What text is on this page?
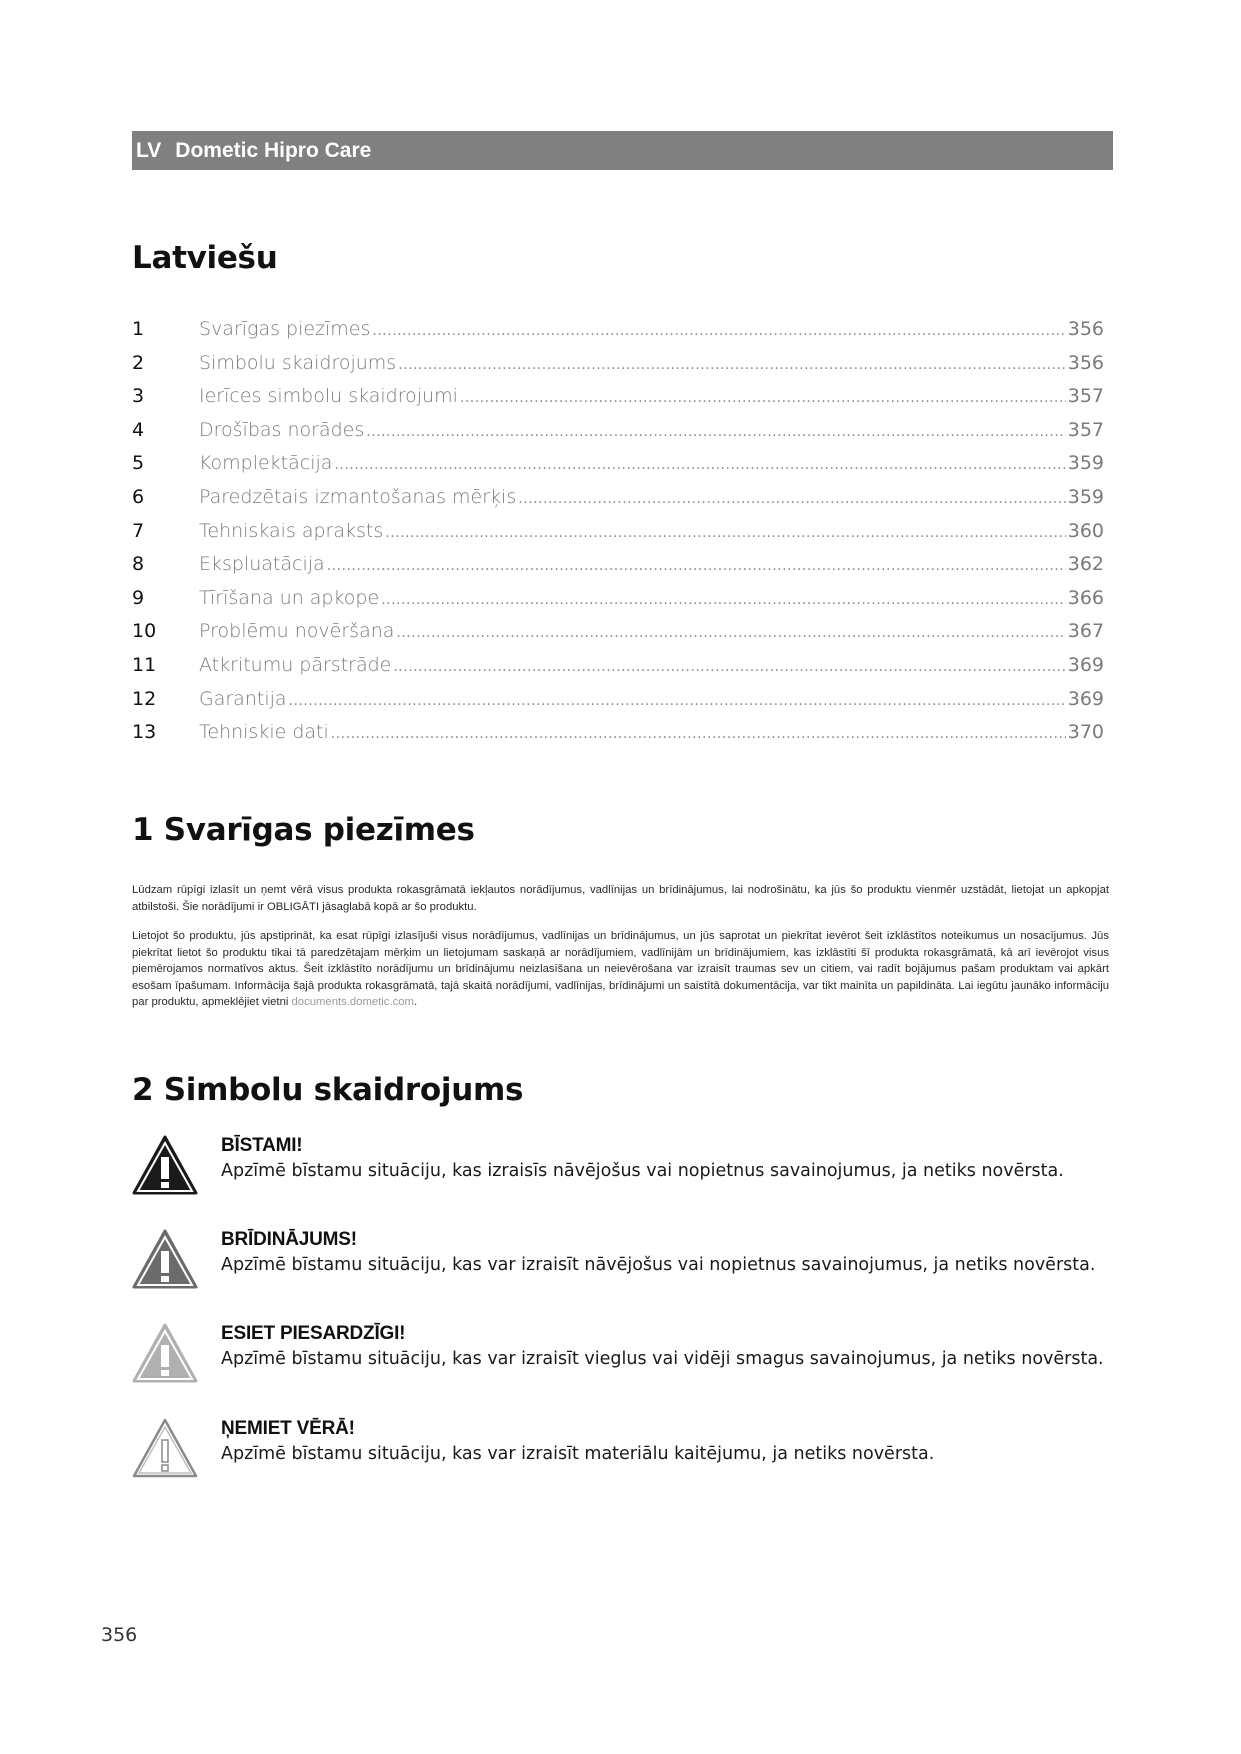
LV Dometic Hipro Care
Latviešu
1	Svarīgas piezīmes .....	356
2	Simbolu skaidrojums .....	356
3	Ierīces simbolu skaidrojumi .....	357
4	Drošības norādes .....	357
5	Komplektācija .....	359
6	Paredzētais izmantošanas mērķis .....	359
7	Tehniskais apraksts .....	360
8	Ekspluatācija .....	362
9	Tīrīšana un apkope .....	366
10	Problēmu novēršana .....	367
11	Atkritumu pārstrāde .....	369
12	Garantija .....	369
13	Tehniskie dati .....	370
1 Svarīgas piezīmes

Lūdzam rūpīgi izlasīt un ņemt vērā visus produkta rokasgrāmatā iekļautos norādījumus, vadlīnijas un brīdinājumus, lai nodrošinātu, ka jūs šo produktu vienmēr uzstādāt, lietojat un apkopjat atbilstoši. Šie norādījumi ir OBLIGĀTI jāsaglabā kopā ar šo produktu.

Lietojot šo produktu, jūs apstiprināt, ka esat rūpīgi izlasījuši visus norādījumus, vadlīnijas un brīdinājumus, un jūs saprotat un piekrītat ievērot šeit izklāstītos noteikumus un nosacījumus. Jūs piekrītat lietot šo produktu tikai tā paredzētajam mērķim un lietojumam saskaņā ar norādījumiem, vadlīnijām un brīdinājumiem, kas izklāstīti šī produkta rokasgrāmatā, kā arī ievērojot visus piemērojamos normatīvos aktus. Šeit izklāstīto norādījumu un brīdinājumu neizlasīšana un neievērošana var izraisīt traumas sev un citiem, vai radīt bojājumus pašam produktam vai apkārt esošam īpašumam. Informācija šajā produkta rokasgrāmatā, tajā skaitā norādījumi, vadlīnijas, brīdinājumi un saistītā dokumentācija, var tikt mainīta un papildināta. Lai iegūtu jaunāko informāciju par produktu, apmeklējiet vietni documents.dometic.com.

2 Simbolu skaidrojums
BĪSTAMI!
Apzīmē bīstamu situāciju, kas izraisīs nāvējošus vai nopietnus savainojumus, ja netiks novērsta.
BRĪDINĀJUMS!
Apzīmē bīstamu situāciju, kas var izraisīt nāvējošus vai nopietnus savainojumus, ja netiks novērsta.
ESIET PIESARDZĪGI!
Apzīmē bīstamu situāciju, kas var izraisīt vieglus vai vidēji smagus savainojumus, ja netiks novērsta.
ŅEMIET VĒRĀ!
Apzīmē bīstamu situāciju, kas var izraisīt materiālu kaitējumu, ja netiks novērsta.
356
